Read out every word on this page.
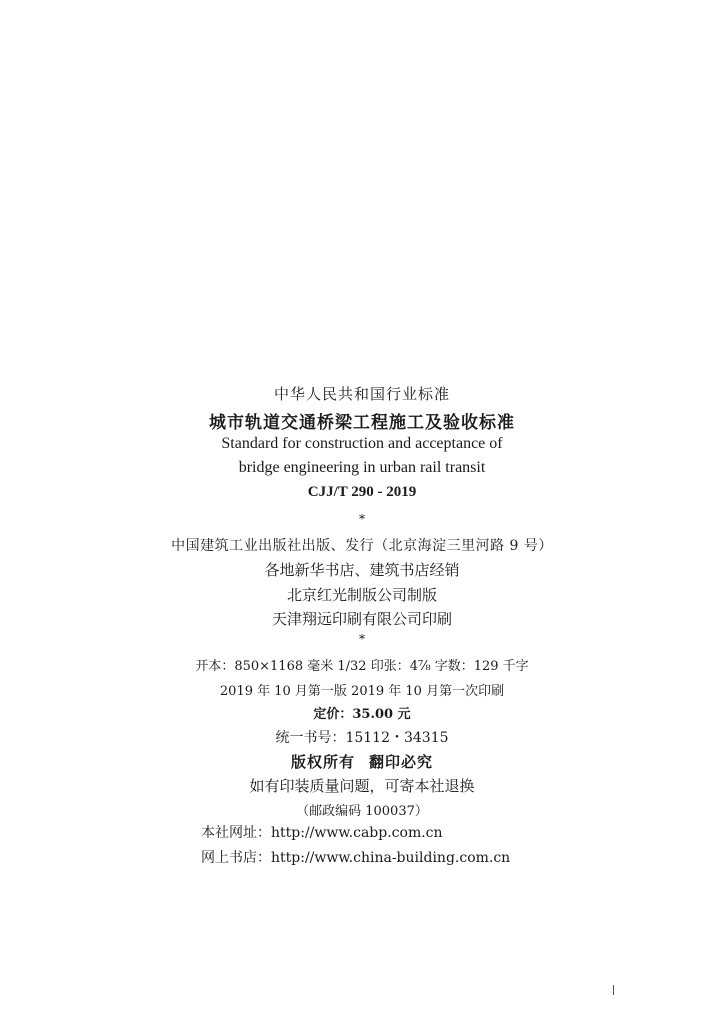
中华人民共和国行业标准
城市轨道交通桥梁工程施工及验收标准
Standard for construction and acceptance of
bridge engineering in urban rail transit
CJJ/T 290 - 2019
*
中国建筑工业出版社出版、发行（北京海淀三里河路 9 号）
各地新华书店、建筑书店经销
北京红光制版公司制版
天津翔远印刷有限公司印刷
*
开本：850×1168 毫米 1/32 印张：4⅞ 字数：129 千字
2019 年 10 月第一版 2019 年 10 月第一次印刷
定价：35.00 元
统一书号：15112・34315
版权所有 翻印必究
如有印装质量问题，可寄本社退换
（邮政编码 100037）
本社网址：http://www.cabp.com.cn
网上书店：http://www.china-building.com.cn
